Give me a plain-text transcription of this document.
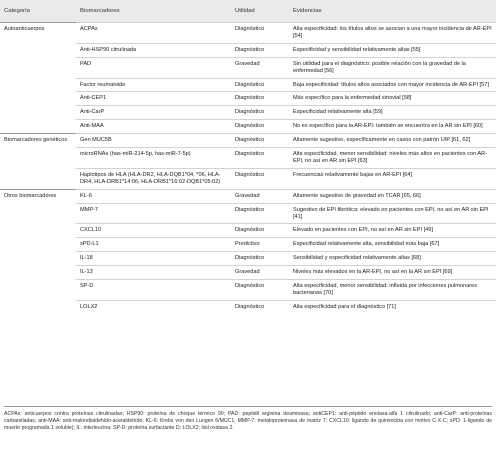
Categoría	Biomarcadores	Utilidad	Evidencias
Autoanticuerpos	ACPAs	Diagnóstico	Alta especificidad: los títulos altos se asocian a una mayor incidencia de AR-EPI [54]
	Anti-HSP90 citrulinada	Diagnóstico	Especificidad y sensibilidad relativamente altas [55]
	PAD	Gravedad	Sin utilidad para el diagnóstico: posible relación con la gravedad de la enfermedad [56]
	Factor reumatoide	Diagnóstico	Baja especificidad: títulos altos asociados con mayor incidencia de AR-EPI [57]
	Anti-CEP1	Diagnóstico	Más específico para la enfermedad sinovial [58]
	Anti-CarP	Diagnóstico	Especificidad relativamente alta [59]
	Anti-MAA	Diagnóstico	No es específico para la AR-EPI: también se encuentra en la AR sin EPI [60]
Biomarcadores genéticos	Gen MUC5B	Diagnóstico	Altamente sugestivo, específicamente en casos con patrón UIP [61, 62]
	microRNAs (has-miR-214-5p, has-miR-7-5p)	Diagnóstico	Alta especificidad, menor sensibilidad: niveles más altos en pacientes con AR-EPI, no así en AR sin EPI [63]
	Haplotipos de HLA (HLA-DR2, HLA-DQB1*04, *06, HLA-DR4, HLA-DRB1*14:06, HLA-DRB1*16:02-DQB1*05:02)	Diagnóstico	Frecuencias relativamente bajas en AR-EPI [64]
Otros biomarcadores	KL-6	Gravedad	Altamente sugestivo de gravedad en TCAR [65, 66]
	MMP-7	Diagnóstico	Sugestivo de EPI fibrótica: elevado en pacientes con EPI, no así en AR sin EPI [41]
	CXCL10	Diagnóstico	Elevado en pacientes con EPI, no así en AR sin EPI [49]
	sPD-L1	Predictivo	Especificidad relativamente alta, sensibilidad más baja [67]
	IL-18	Diagnóstico	Sensibilidad y especificidad relativamente altas [68]
	IL-13	Gravedad	Niveles más elevados en la AR-EPI, no así en la AR sin EPI [69]
	SP-D	Diagnóstico	Alta especificidad, menor sensibilidad: influida por infecciones pulmonares bacterianas [70]
	LOLX2	Diagnóstico	Alta especificidad para el diagnóstico [71]
ACPAs: anticuerpos contra proteínas citrulinadas; HSP90: proteína de choque térmico 90; PAD: peptidil arginina deaminasa; antiCEP1: anti-péptido enolasa-alfa 1 citrulinado; anti-CarP: anti-proteínas carbamiladas; anti-MAA: anti-malondialdehído-acetaldehído; KL-6: Krebs von den Lungen 6/MUC1; MMP-7: metaloproteinasa de matriz 7; CXCL10: ligando de quimiocina con motivo C-X-C; sPD: 1-ligando de muerte programada 1 soluble); IL: interleucina; SP-D: proteína surfactante D; LOLX2: lisil oxidasa 2.
